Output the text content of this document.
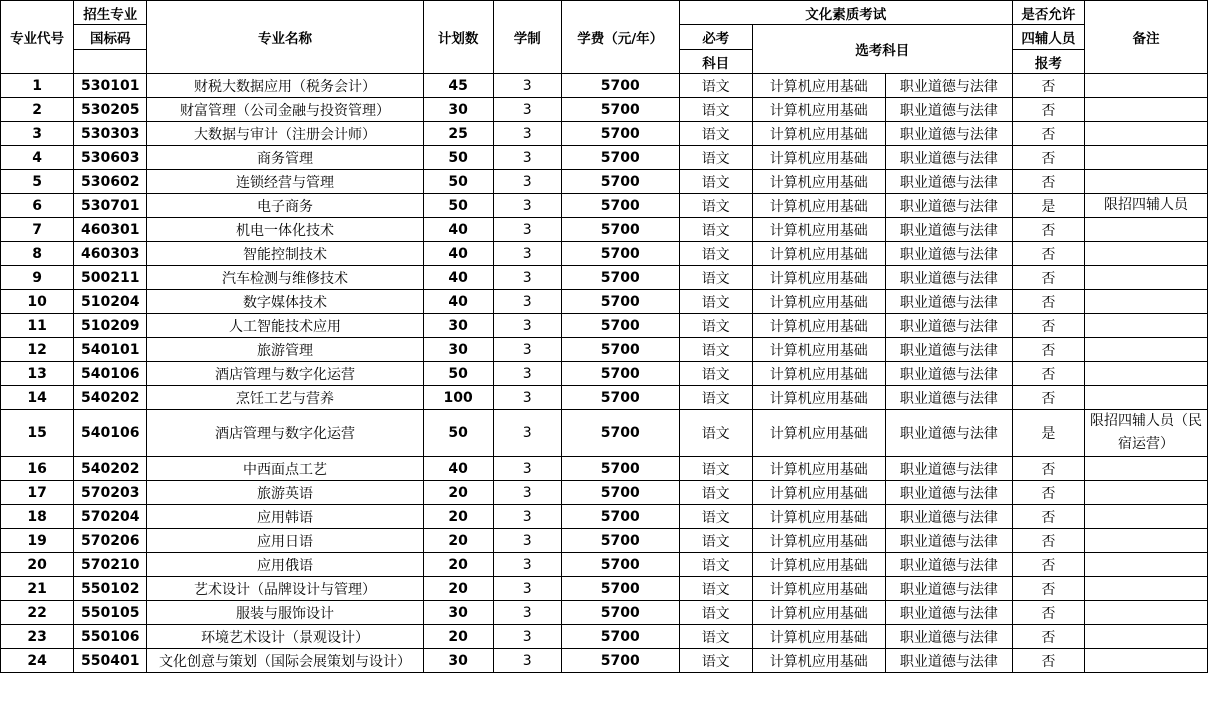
专业代号	招生专业	专业名称	计划数	学制	学费（元/年）	文化素质考试			是否允许	备注
	国标码					必考	选考科目		四辅人员	
						科目			报考	
1	530101	财税大数据应用（税务会计）	45	3	5700	语文	计算机应用基础	职业道德与法律	否	
2	530205	财富管理（公司金融与投资管理）	30	3	5700	语文	计算机应用基础	职业道德与法律	否	
3	530303	大数据与审计（注册会计师）	25	3	5700	语文	计算机应用基础	职业道德与法律	否	
4	530603	商务管理	50	3	5700	语文	计算机应用基础	职业道德与法律	否	
5	530602	连锁经营与管理	50	3	5700	语文	计算机应用基础	职业道德与法律	否	
6	530701	电子商务	50	3	5700	语文	计算机应用基础	职业道德与法律	是	限招四辅人员
7	460301	机电一体化技术	40	3	5700	语文	计算机应用基础	职业道德与法律	否	
8	460303	智能控制技术	40	3	5700	语文	计算机应用基础	职业道德与法律	否	
9	500211	汽车检测与维修技术	40	3	5700	语文	计算机应用基础	职业道德与法律	否	
10	510204	数字媒体技术	40	3	5700	语文	计算机应用基础	职业道德与法律	否	
11	510209	人工智能技术应用	30	3	5700	语文	计算机应用基础	职业道德与法律	否	
12	540101	旅游管理	30	3	5700	语文	计算机应用基础	职业道德与法律	否	
13	540106	酒店管理与数字化运营	50	3	5700	语文	计算机应用基础	职业道德与法律	否	
14	540202	烹饪工艺与营养	100	3	5700	语文	计算机应用基础	职业道德与法律	否	
15	540106	酒店管理与数字化运营	50	3	5700	语文	计算机应用基础	职业道德与法律	是	限招四辅人员（民宿运营）
16	540202	中西面点工艺	40	3	5700	语文	计算机应用基础	职业道德与法律	否	
17	570203	旅游英语	20	3	5700	语文	计算机应用基础	职业道德与法律	否	
18	570204	应用韩语	20	3	5700	语文	计算机应用基础	职业道德与法律	否	
19	570206	应用日语	20	3	5700	语文	计算机应用基础	职业道德与法律	否	
20	570210	应用俄语	20	3	5700	语文	计算机应用基础	职业道德与法律	否	
21	550102	艺术设计（品牌设计与管理）	20	3	5700	语文	计算机应用基础	职业道德与法律	否	
22	550105	服装与服饰设计	30	3	5700	语文	计算机应用基础	职业道德与法律	否	
23	550106	环境艺术设计（景观设计）	20	3	5700	语文	计算机应用基础	职业道德与法律	否	
24	550401	文化创意与策划（国际会展策划与设计）	30	3	5700	语文	计算机应用基础	职业道德与法律	否	
